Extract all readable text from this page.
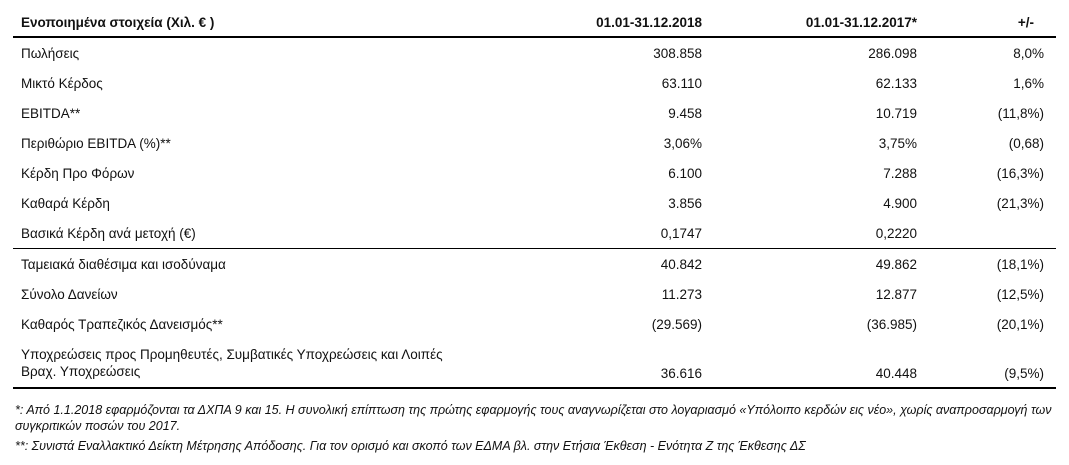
Ενοποιημένα στοιχεία (Χιλ. € )	01.01-31.12.2018	01.01-31.12.2017*	+/-
Πωλήσεις	308.858	286.098	8,0%
Μικτό Κέρδος	63.110	62.133	1,6%
EBITDA**	9.458	10.719	(11,8%)
Περιθώριο EBITDA (%)**	3,06%	3,75%	(0,68)
Κέρδη Προ Φόρων	6.100	7.288	(16,3%)
Καθαρά Κέρδη	3.856	4.900	(21,3%)
Βασικά Κέρδη ανά μετοχή (€)	0,1747	0,2220	
Ταμειακά διαθέσιμα και ισοδύναμα	40.842	49.862	(18,1%)
Σύνολο Δανείων	11.273	12.877	(12,5%)
Καθαρός Τραπεζικός Δανεισμός**	(29.569)	(36.985)	(20,1%)
Υποχρεώσεις προς Προμηθευτές, Συμβατικές Υποχρεώσεις και Λοιπές Βραχ. Υποχρεώσεις	36.616	40.448	(9,5%)

*: Από 1.1.2018 εφαρμόζονται τα ΔΧΠΑ 9 και 15. Η συνολική επίπτωση της πρώτης εφαρμογής τους αναγνωρίζεται στο λογαριασμό «Υπόλοιπο κερδών εις νέο», χωρίς αναπροσαρμογή των συγκριτικών ποσών του 2017.

**: Συνιστά Εναλλακτικό Δείκτη Μέτρησης Απόδοσης. Για τον ορισμό και σκοπό των ΕΔΜΑ βλ. στην Ετήσια Έκθεση - Ενότητα Ζ της Έκθεσης ΔΣ
